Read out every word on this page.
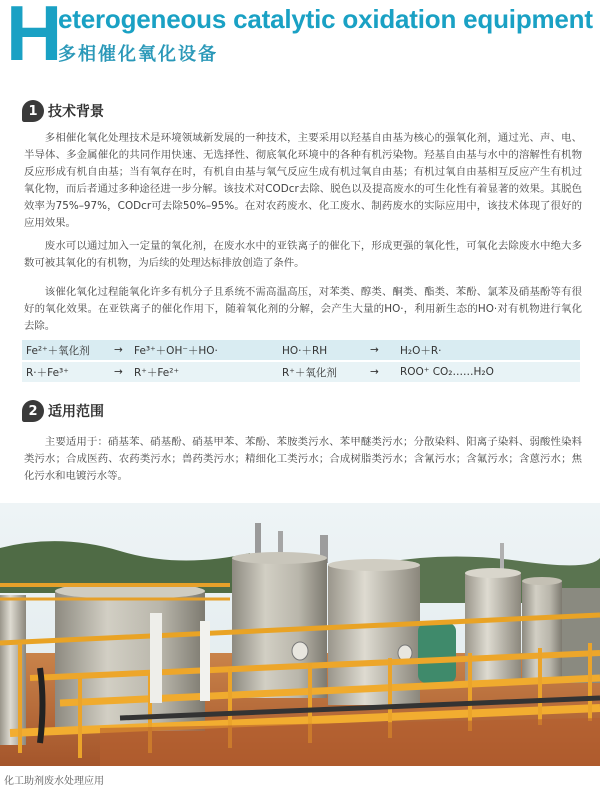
H
eterogeneous catalytic oxidation equipment
多相催化氧化设备
1 技术背景

多相催化氧化处理技术是环境领域新发展的一种技术，主要采用以羟基自由基为核心的强氧化剂，通过光、声、电、半导体、多金属催化的共同作用快速、无选择性、彻底氧化环境中的各种有机污染物。羟基自由基与水中的溶解性有机物反应形成有机自由基；当有氧存在时，有机自由基与氧气反应生成有机过氧自由基；有机过氧自由基相互反应产生有机过氧化物，而后者通过多种途径进一步分解。该技术对CODcr去除、脱色以及提高废水的可生化性有着显著的效果。其脱色效率为75%–97%，CODcr可去除50%–95%。在对农药废水、化工废水、制药废水的实际应用中，该技术体现了很好的应用效果。

废水可以通过加入一定量的氧化剂，在废水水中的亚铁离子的催化下，形成更强的氧化性，可氧化去除废水中绝大多数可被其氧化的有机物，为后续的处理达标排放创造了条件。

该催化氧化过程能氧化许多有机分子且系统不需高温高压，对苯类、醇类、酮类、酯类、苯酚、氯苯及硝基酚等有很好的氧化效果。在亚铁离子的催化作用下，随着氧化剂的分解，会产生大量的HO·，利用新生态的HO·对有机物进行氧化去除。

Fe²⁺＋氧化剂	→	Fe³⁺＋OH⁻＋HO·	HO·＋RH	→	H₂O＋R·
R·＋Fe³⁺	→	R⁺＋Fe²⁺	R⁺＋氧化剂	→	ROO⁺ CO₂……H₂O
2 适用范围

主要适用于：硝基苯、硝基酚、硝基甲苯、苯酚、苯胺类污水、苯甲醚类污水；分散染料、阳离子染料、弱酸性染料类污水；合成医药、农药类污水；兽药类污水；精细化工类污水；合成树脂类污水；含氰污水；含氟污水；含蒽污水；焦化污水和电镀污水等。

化工助剂废水处理应用
